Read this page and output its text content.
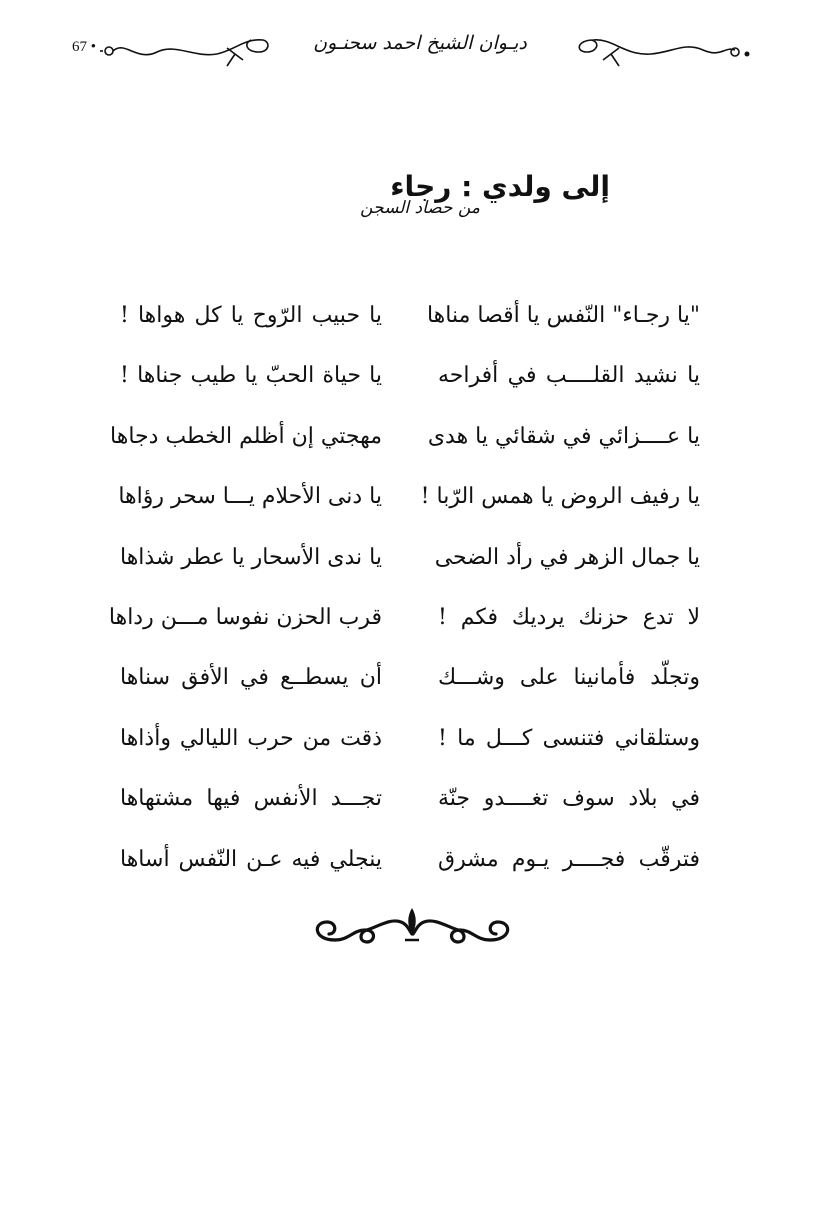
67 •	ديـوان الشيخ احمد سحنـون
إلى ولدي : رجاء
من حصاد السجن
"يا رجـاء" النّفس يا أقصا مناها
يا حبيب الرّوح يا كل هواها !
يا نشيد القلــــب في أفراحه
يا حياة الحبّ يا طيب جناها !
يا عــــزائي في شقائي يا هدى
مهجتي إن أظلم الخطب دجاها
يا رفيف الروض يا همس الرّبا !
يا دنى الأحلام يـــا سحر رؤاها
يا جمال الزهر في رأد الضحى
يا ندى الأسحار يا عطر شذاها
لا تدع حزنك يرديك فكم !
قرب الحزن نفوسا مـــن رداها
وتجلّد فأمانينا على وشـــك
أن يسطــع في الأفق سناها
وستلقاني فتنسى كـــل ما !
ذقت من حرب الليالي وأذاها
في بلاد سوف تغــــدو جنّة
تجـــد الأنفس فيها مشتهاها
فترقّب فجــــر يـوم مشرق
ينجلي فيه عـن النّفس أساها
